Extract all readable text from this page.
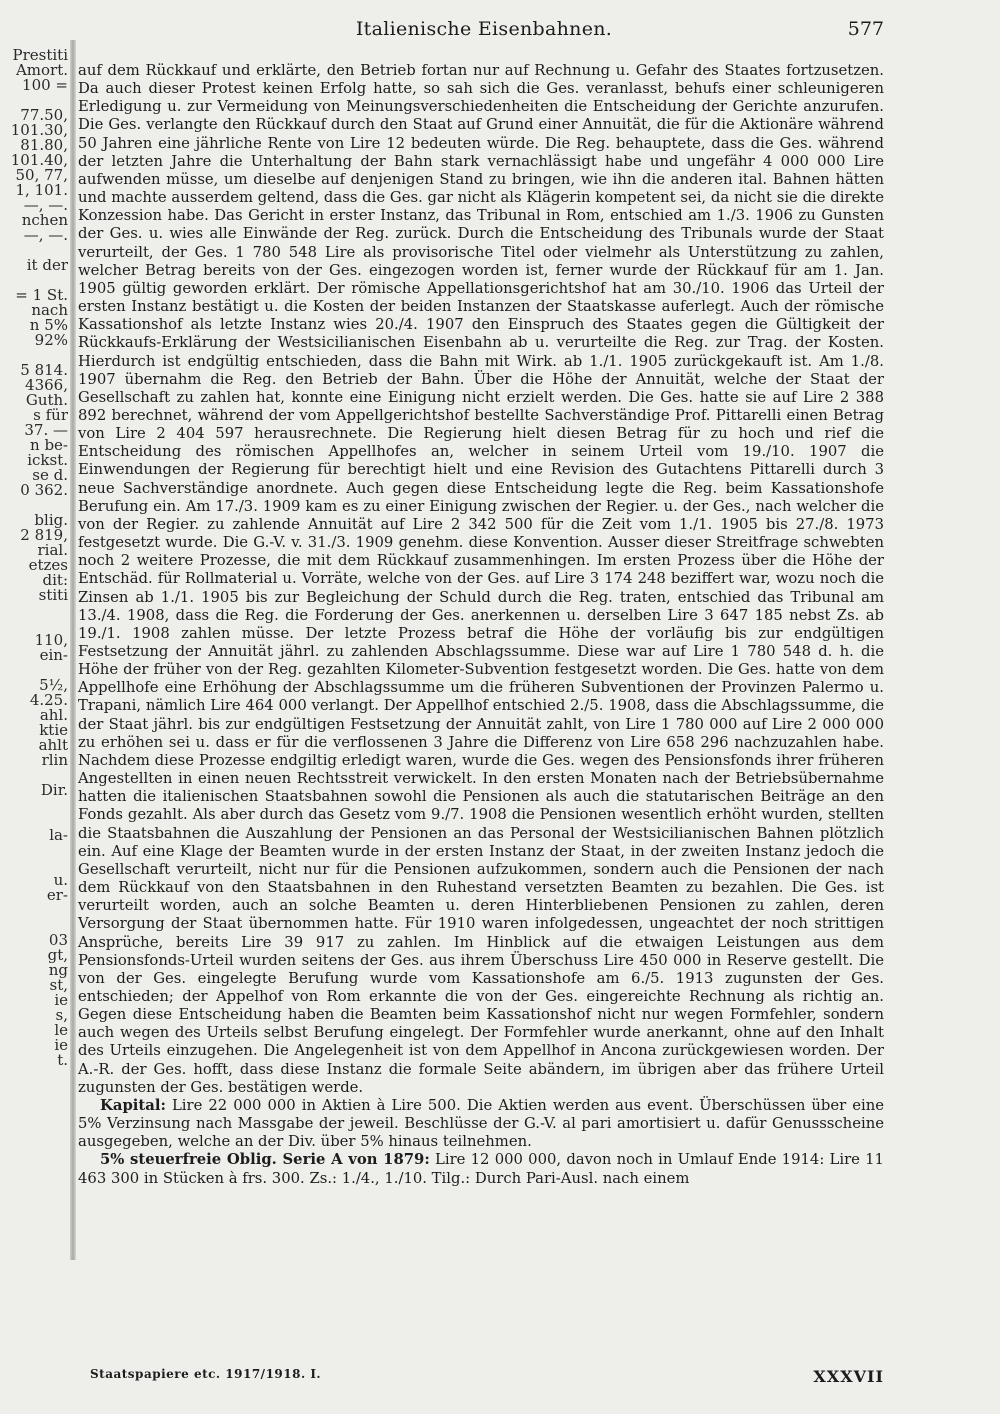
Prestiti
Amort.
100 =
77.50,
101.30,
81.80,
101.40,
50, 77,
1, 101.
—, —.
nchen
—, —.
it der
= 1 St.
nach
n 5%
92%
5 814.
4366,
Guth.
s für
37. —
n be-
ickst.
se d.
0 362.
blig.
2 819,
rial.
etzes
dit:
stiti
110,
ein-
5½,
4.25.
ahl.
ktie
ahlt
rlin
Dir.
la-
u.
er-
03
gt,
ng
st,
ie
s,
le
ie
t.
Italienische Eisenbahnen.	577

auf dem Rückkauf und erklärte, den Betrieb fortan nur auf Rechnung u. Gefahr des Staates fortzusetzen. Da auch dieser Protest keinen Erfolg hatte, so sah sich die Ges. veranlasst, behufs einer schleunigeren Erledigung u. zur Vermeidung von Meinungsverschiedenheiten die Entscheidung der Gerichte anzurufen. Die Ges. verlangte den Rückkauf durch den Staat auf Grund einer Annuität, die für die Aktionäre während 50 Jahren eine jährliche Rente von Lire 12 bedeuten würde. Die Reg. behauptete, dass die Ges. während der letzten Jahre die Unterhaltung der Bahn stark vernachlässigt habe und ungefähr 4 000 000 Lire aufwenden müsse, um dieselbe auf denjenigen Stand zu bringen, wie ihn die anderen ital. Bahnen hätten und machte ausserdem geltend, dass die Ges. gar nicht als Klägerin kompetent sei, da nicht sie die direkte Konzession habe. Das Gericht in erster Instanz, das Tribunal in Rom, entschied am 1./3. 1906 zu Gunsten der Ges. u. wies alle Einwände der Reg. zurück. Durch die Entscheidung des Tribunals wurde der Staat verurteilt, der Ges. 1 780 548 Lire als provisorische Titel oder vielmehr als Unterstützung zu zahlen, welcher Betrag bereits von der Ges. eingezogen worden ist, ferner wurde der Rückkauf für am 1. Jan. 1905 gültig geworden erklärt. Der römische Appellationsgerichtshof hat am 30./10. 1906 das Urteil der ersten Instanz bestätigt u. die Kosten der beiden Instanzen der Staatskasse auferlegt. Auch der römische Kassationshof als letzte Instanz wies 20./4. 1907 den Einspruch des Staates gegen die Gültigkeit der Rückkaufs-Erklärung der Westsicilianischen Eisenbahn ab u. verurteilte die Reg. zur Trag. der Kosten. Hierdurch ist endgültig entschieden, dass die Bahn mit Wirk. ab 1./1. 1905 zurückgekauft ist. Am 1./8. 1907 übernahm die Reg. den Betrieb der Bahn. Über die Höhe der Annuität, welche der Staat der Gesellschaft zu zahlen hat, konnte eine Einigung nicht erzielt werden. Die Ges. hatte sie auf Lire 2 388 892 berechnet, während der vom Appellgerichtshof bestellte Sachverständige Prof. Pittarelli einen Betrag von Lire 2 404 597 herausrechnete. Die Regierung hielt diesen Betrag für zu hoch und rief die Entscheidung des römischen Appellhofes an, welcher in seinem Urteil vom 19./10. 1907 die Einwendungen der Regierung für berechtigt hielt und eine Revision des Gutachtens Pittarelli durch 3 neue Sachverständige anordnete. Auch gegen diese Entscheidung legte die Reg. beim Kassationshofe Berufung ein. Am 17./3. 1909 kam es zu einer Einigung zwischen der Regier. u. der Ges., nach welcher die von der Regier. zu zahlende Annuität auf Lire 2 342 500 für die Zeit vom 1./1. 1905 bis 27./8. 1973 festgesetzt wurde. Die G.-V. v. 31./3. 1909 genehm. diese Konvention. Ausser dieser Streitfrage schwebten noch 2 weitere Prozesse, die mit dem Rückkauf zusammenhingen. Im ersten Prozess über die Höhe der Entschäd. für Rollmaterial u. Vorräte, welche von der Ges. auf Lire 3 174 248 beziffert war, wozu noch die Zinsen ab 1./1. 1905 bis zur Begleichung der Schuld durch die Reg. traten, entschied das Tribunal am 13./4. 1908, dass die Reg. die Forderung der Ges. anerkennen u. derselben Lire 3 647 185 nebst Zs. ab 19./1. 1908 zahlen müsse. Der letzte Prozess betraf die Höhe der vorläufig bis zur endgültigen Festsetzung der Annuität jährl. zu zahlenden Abschlagssumme. Diese war auf Lire 1 780 548 d. h. die Höhe der früher von der Reg. gezahlten Kilometer-Subvention festgesetzt worden. Die Ges. hatte von dem Appellhofe eine Erhöhung der Abschlagssumme um die früheren Subventionen der Provinzen Palermo u. Trapani, nämlich Lire 464 000 verlangt. Der Appellhof entschied 2./5. 1908, dass die Abschlagssumme, die der Staat jährl. bis zur endgültigen Festsetzung der Annuität zahlt, von Lire 1 780 000 auf Lire 2 000 000 zu erhöhen sei u. dass er für die verflossenen 3 Jahre die Differenz von Lire 658 296 nachzuzahlen habe. Nachdem diese Prozesse endgiltig erledigt waren, wurde die Ges. wegen des Pensionsfonds ihrer früheren Angestellten in einen neuen Rechtsstreit verwickelt. In den ersten Monaten nach der Betriebsübernahme hatten die italienischen Staatsbahnen sowohl die Pensionen als auch die statutarischen Beiträge an den Fonds gezahlt. Als aber durch das Gesetz vom 9./7. 1908 die Pensionen wesentlich erhöht wurden, stellten die Staatsbahnen die Auszahlung der Pensionen an das Personal der Westsicilianischen Bahnen plötzlich ein. Auf eine Klage der Beamten wurde in der ersten Instanz der Staat, in der zweiten Instanz jedoch die Gesellschaft verurteilt, nicht nur für die Pensionen aufzukommen, sondern auch die Pensionen der nach dem Rückkauf von den Staatsbahnen in den Ruhestand versetzten Beamten zu bezahlen. Die Ges. ist verurteilt worden, auch an solche Beamten u. deren Hinterbliebenen Pensionen zu zahlen, deren Versorgung der Staat übernommen hatte. Für 1910 waren infolgedessen, ungeachtet der noch strittigen Ansprüche, bereits Lire 39 917 zu zahlen. Im Hinblick auf die etwaigen Leistungen aus dem Pensionsfonds-Urteil wurden seitens der Ges. aus ihrem Überschuss Lire 450 000 in Reserve gestellt. Die von der Ges. eingelegte Berufung wurde vom Kassationshofe am 6./5. 1913 zugunsten der Ges. entschieden; der Appelhof von Rom erkannte die von der Ges. eingereichte Rechnung als richtig an. Gegen diese Entscheidung haben die Beamten beim Kassationshof nicht nur wegen Formfehler, sondern auch wegen des Urteils selbst Berufung eingelegt. Der Formfehler wurde anerkannt, ohne auf den Inhalt des Urteils einzugehen. Die Angelegenheit ist von dem Appellhof in Ancona zurückgewiesen worden. Der A.-R. der Ges. hofft, dass diese Instanz die formale Seite abändern, im übrigen aber das frühere Urteil zugunsten der Ges. bestätigen werde.

Kapital: Lire 22 000 000 in Aktien à Lire 500. Die Aktien werden aus event. Überschüssen über eine 5% Verzinsung nach Massgabe der jeweil. Beschlüsse der G.-V. al pari amortisiert u. dafür Genussscheine ausgegeben, welche an der Div. über 5% hinaus teilnehmen.

5% steuerfreie Oblig. Serie A von 1879: Lire 12 000 000, davon noch in Umlauf Ende 1914: Lire 11 463 300 in Stücken à frs. 300. Zs.: 1./4., 1./10. Tilg.: Durch Pari-Ausl. nach einem

Staatspapiere etc. 1917/1918. I.	XXXVII
